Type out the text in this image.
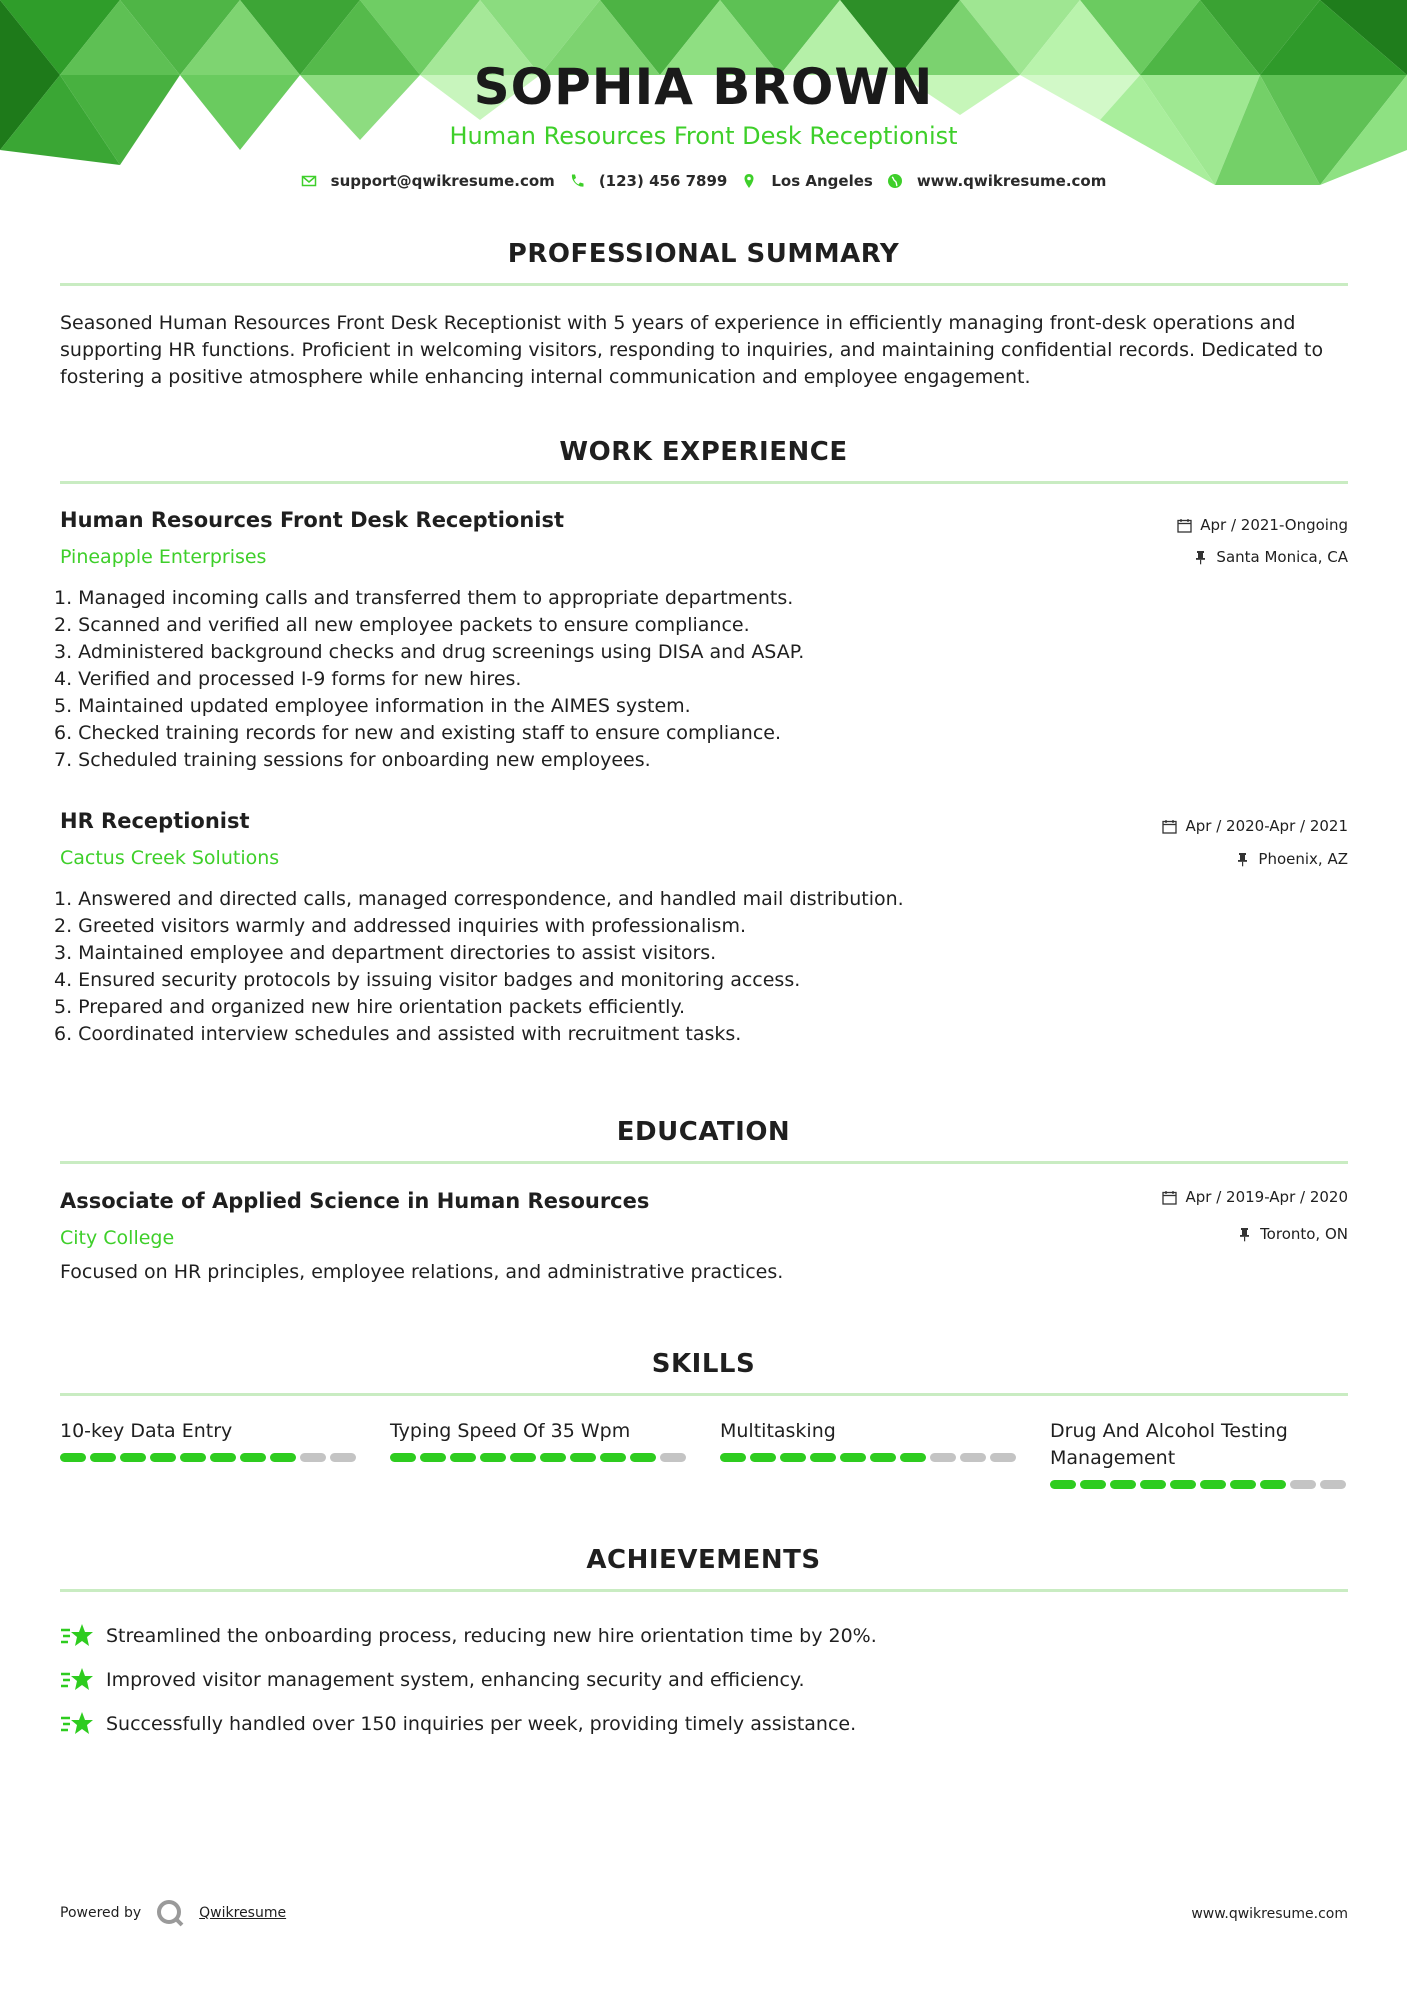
SOPHIA BROWN
Human Resources Front Desk Receptionist
support@qwikresume.com	(123) 456 7899	Los Angeles	www.qwikresume.com
PROFESSIONAL SUMMARY
Seasoned Human Resources Front Desk Receptionist with 5 years of experience in efficiently managing front-desk operations and supporting HR functions. Proficient in welcoming visitors, responding to inquiries, and maintaining confidential records. Dedicated to fostering a positive atmosphere while enhancing internal communication and employee engagement.
WORK EXPERIENCE
Human Resources Front Desk Receptionist
Pineapple Enterprises
Apr / 2021-Ongoing
Santa Monica, CA
1. Managed incoming calls and transferred them to appropriate departments.
2. Scanned and verified all new employee packets to ensure compliance.
3. Administered background checks and drug screenings using DISA and ASAP.
4. Verified and processed I-9 forms for new hires.
5. Maintained updated employee information in the AIMES system.
6. Checked training records for new and existing staff to ensure compliance.
7. Scheduled training sessions for onboarding new employees.
HR Receptionist
Cactus Creek Solutions
Apr / 2020-Apr / 2021
Phoenix, AZ
1. Answered and directed calls, managed correspondence, and handled mail distribution.
2. Greeted visitors warmly and addressed inquiries with professionalism.
3. Maintained employee and department directories to assist visitors.
4. Ensured security protocols by issuing visitor badges and monitoring access.
5. Prepared and organized new hire orientation packets efficiently.
6. Coordinated interview schedules and assisted with recruitment tasks.
EDUCATION
Associate of Applied Science in Human Resources
City College
Apr / 2019-Apr / 2020
Toronto, ON
Focused on HR principles, employee relations, and administrative practices.
SKILLS
10-key Data Entry	Typing Speed Of 35 Wpm	Multitasking	Drug And Alcohol Testing Management
ACHIEVEMENTS
Streamlined the onboarding process, reducing new hire orientation time by 20%.
Improved visitor management system, enhancing security and efficiency.
Successfully handled over 150 inquiries per week, providing timely assistance.
Powered by	Qwikresume	www.qwikresume.com
